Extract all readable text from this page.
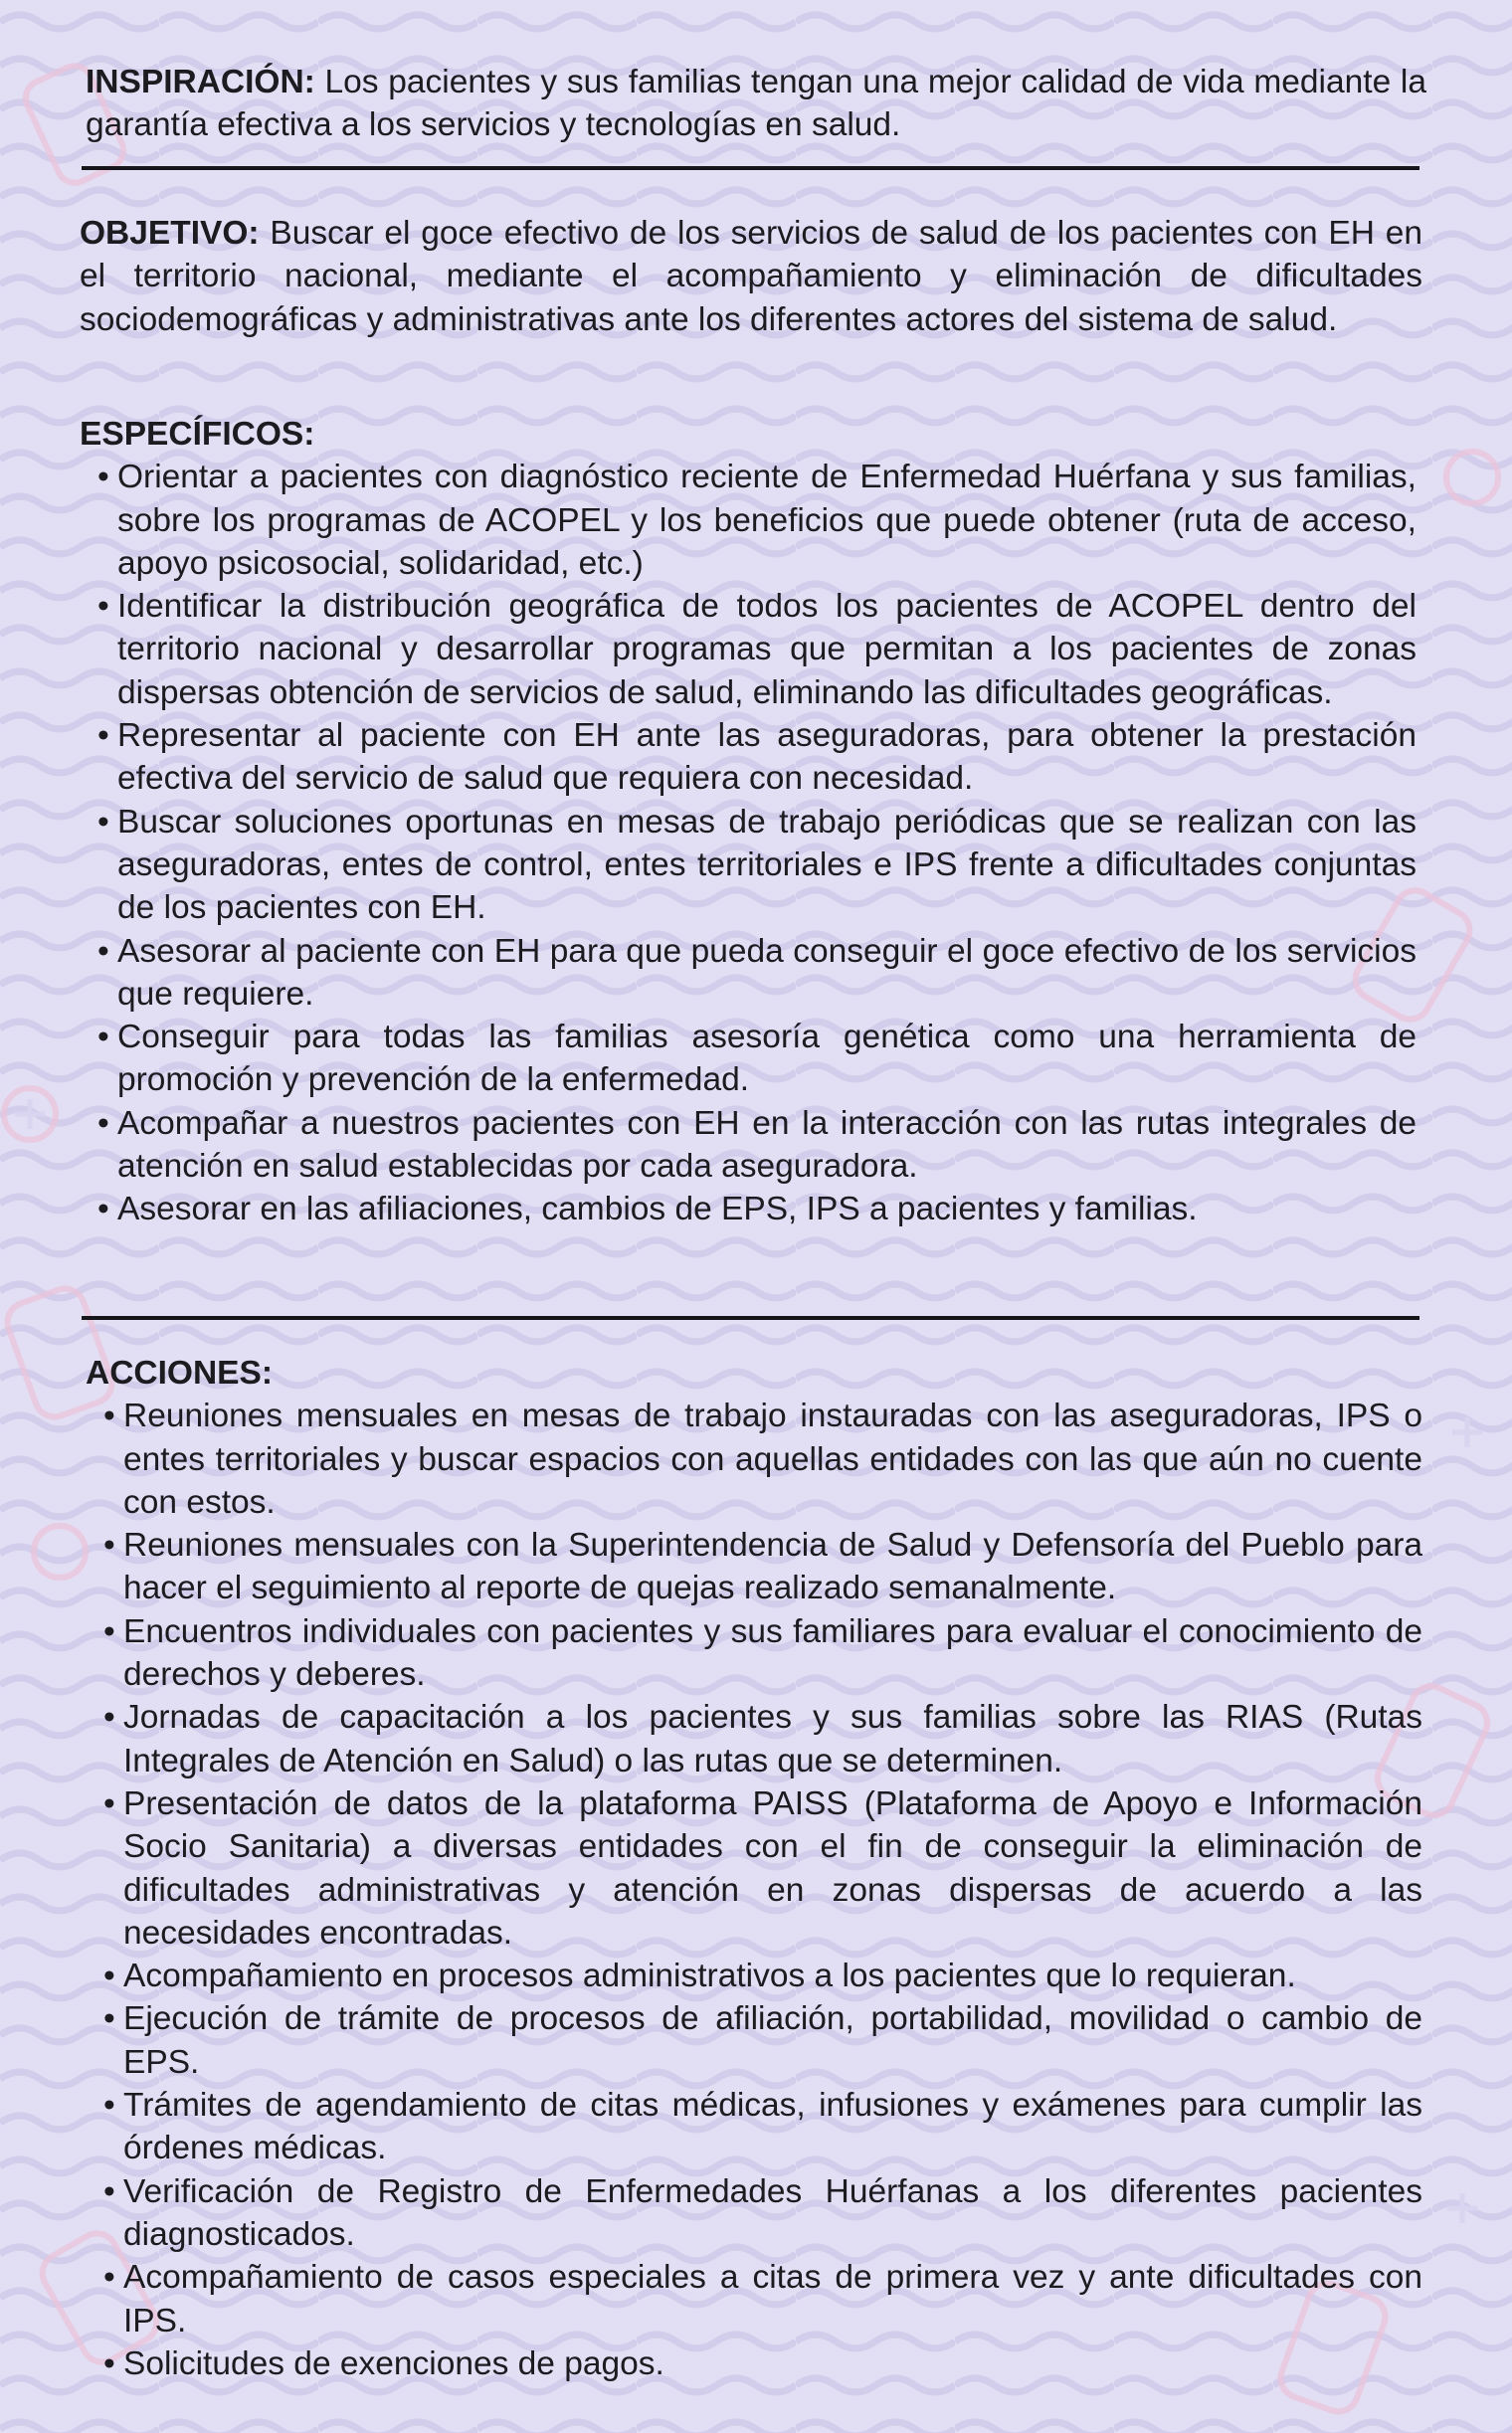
INSPIRACIÓN: Los pacientes y sus familias tengan una mejor calidad de vida mediante la garantía efectiva a los servicios y tecnologías en salud.
OBJETIVO: Buscar el goce efectivo de los servicios de salud de los pacientes con EH en el territorio nacional, mediante el acompañamiento y eliminación de dificultades sociodemográficas y administrativas ante los diferentes actores del sistema de salud.
ESPECÍFICOS:
• Orientar a pacientes con diagnóstico reciente de Enfermedad Huérfana y sus familias, sobre los programas de ACOPEL y los beneficios que puede obtener (ruta de acceso, apoyo psicosocial, solidaridad, etc.)
• Identificar la distribución geográfica de todos los pacientes de ACOPEL dentro del territorio nacional y desarrollar programas que permitan a los pacientes de zonas dispersas obtención de servicios de salud, eliminando las dificultades geográficas.
• Representar al paciente con EH ante las aseguradoras, para obtener la prestación efectiva del servicio de salud que requiera con necesidad.
• Buscar soluciones oportunas en mesas de trabajo periódicas que se realizan con las aseguradoras, entes de control, entes territoriales e IPS frente a dificultades conjuntas de los pacientes con EH.
• Asesorar al paciente con EH para que pueda conseguir el goce efectivo de los servicios que requiere.
• Conseguir para todas las familias asesoría genética como una herramienta de promoción y prevención de la enfermedad.
• Acompañar a nuestros pacientes con EH en la interacción con las rutas integrales de atención en salud establecidas por cada aseguradora.
• Asesorar en las afiliaciones, cambios de EPS, IPS a pacientes y familias.
ACCIONES:
• Reuniones mensuales en mesas de trabajo instauradas con las aseguradoras, IPS o entes territoriales y buscar espacios con aquellas entidades con las que aún no cuente con estos.
• Reuniones mensuales con la Superintendencia de Salud y Defensoría del Pueblo para hacer el seguimiento al reporte de quejas realizado semanalmente.
• Encuentros individuales con pacientes y sus familiares para evaluar el conocimiento de derechos y deberes.
• Jornadas de capacitación a los pacientes y sus familias sobre las RIAS (Rutas Integrales de Atención en Salud) o las rutas que se determinen.
• Presentación de datos de la plataforma PAISS (Plataforma de Apoyo e Información Socio Sanitaria) a diversas entidades con el fin de conseguir la eliminación de dificultades administrativas y atención en zonas dispersas de acuerdo a las necesidades encontradas.
• Acompañamiento en procesos administrativos a los pacientes que lo requieran.
• Ejecución de trámite de procesos de afiliación, portabilidad, movilidad o cambio de EPS.
• Trámites de agendamiento de citas médicas, infusiones y exámenes para cumplir las órdenes médicas.
• Verificación de Registro de Enfermedades Huérfanas a los diferentes pacientes diagnosticados.
• Acompañamiento de casos especiales a citas de primera vez y ante dificultades con IPS.
• Solicitudes de exenciones de pagos.
